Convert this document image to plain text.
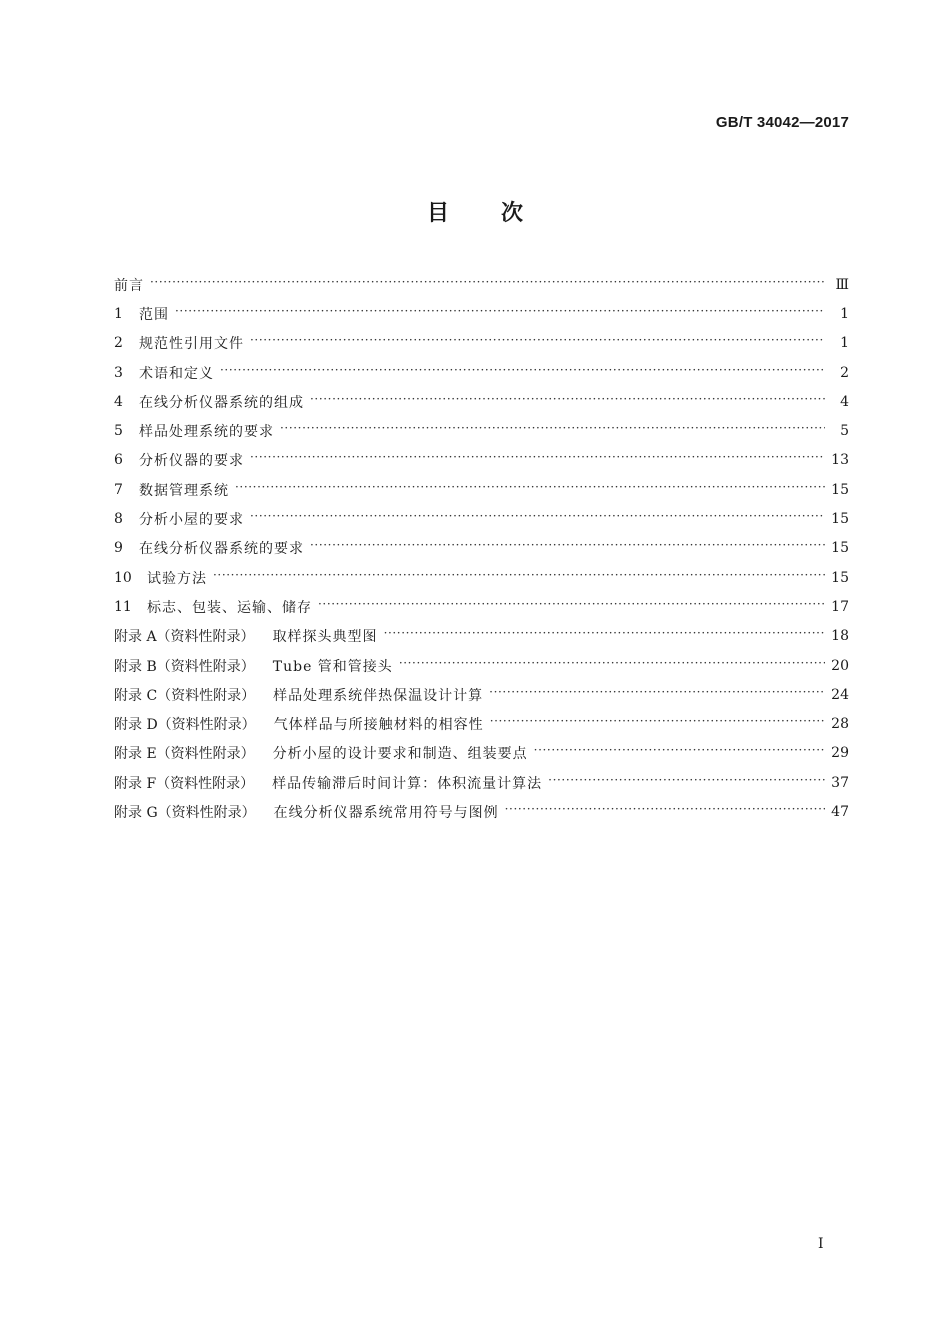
GB/T 34042—2017
目 次
前言 ·····	Ⅲ
1	范围 ·····	1
2	规范性引用文件 ·····	1
3	术语和定义 ·····	2
4	在线分析仪器系统的组成 ·····	4
5	样品处理系统的要求 ·····	5
6	分析仪器的要求 ·····	13
7	数据管理系统 ·····	15
8	分析小屋的要求 ·····	15
9	在线分析仪器系统的要求 ·····	15
10	试验方法 ·····	15
11	标志、包装、运输、储存 ·····	17
附录 A（资料性附录） 取样探头典型图 ·····	18
附录 B（资料性附录） Tube 管和管接头 ·····	20
附录 C（资料性附录） 样品处理系统伴热保温设计计算 ·····	24
附录 D（资料性附录） 气体样品与所接触材料的相容性 ·····	28
附录 E（资料性附录） 分析小屋的设计要求和制造、组装要点 ·····	29
附录 F（资料性附录） 样品传输滞后时间计算：体积流量计算法 ·····	37
附录 G（资料性附录） 在线分析仪器系统常用符号与图例 ·····	47
I
